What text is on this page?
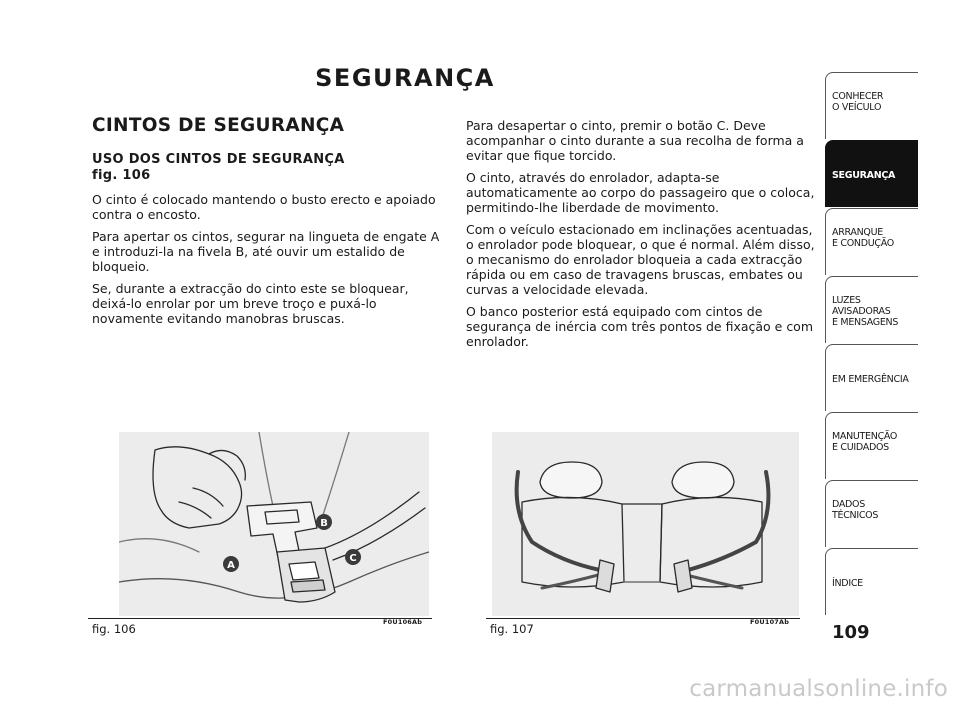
SEGURANÇA
CINTOS DE SEGURANÇA
USO DOS CINTOS DE SEGURANÇA
fig. 106

O cinto é colocado mantendo o busto erecto e apoiado contra o encosto.

Para apertar os cintos, segurar na lingueta de engate A e introduzi-la na fivela B, até ouvir um estalido de bloqueio.

Se, durante a extracção do cinto este se bloquear, deixá-lo enrolar por um breve troço e puxá-lo novamente evitando manobras bruscas.

Para desapertar o cinto, premir o botão C. Deve acompanhar o cinto durante a sua recolha de forma a evitar que fique torcido.

O cinto, através do enrolador, adapta-se automaticamente ao corpo do passageiro que o coloca, permitindo-lhe liberdade de movimento.

Com o veículo estacionado em inclinações acentuadas, o enrolador pode bloquear, o que é normal. Além disso, o mecanismo do enrolador bloqueia a cada extracção rápida ou em caso de travagens bruscas, embates ou curvas a velocidade elevada.

O banco posterior está equipado com cintos de segurança de inércia com três pontos de fixação e com enrolador.

A
B
C
fig. 106	F0U106Ab	fig. 107	F0U107Ab
CONHECER
O VEÍCULO
SEGURANÇA
ARRANQUE
E CONDUÇÃO
LUZES
AVISADORAS
E MENSAGENS
EM EMERGÊNCIA
MANUTENÇÃO
E CUIDADOS
DADOS
TÉCNICOS
ÍNDICE
109
carmanualsonline.info
